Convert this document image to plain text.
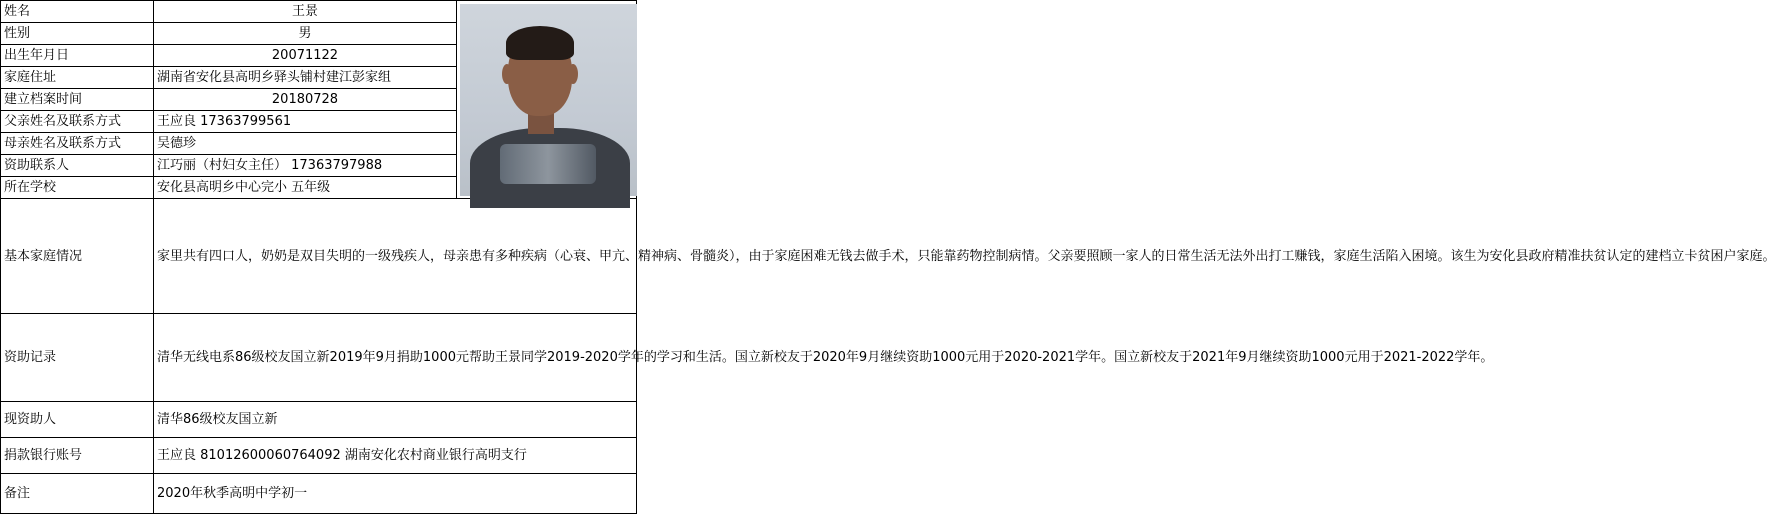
姓名	王景	

性别	男	
出生年月日	20071122	
家庭住址	湖南省安化县高明乡驿头铺村建江彭家组	
建立档案时间	20180728	
父亲姓名及联系方式	王应良 17363799561	
母亲姓名及联系方式	吴德珍	
资助联系人	江巧丽（村妇女主任） 17363797988	
所在学校	安化县高明乡中心完小 五年级	
基本家庭情况	家里共有四口人，奶奶是双目失明的一级残疾人，母亲患有多种疾病（心衰、甲亢、精神病、骨髓炎），由于家庭困难无钱去做手术，只能靠药物控制病情。父亲要照顾一家人的日常生活无法外出打工赚钱，家庭生活陷入困境。该生为安化县政府精准扶贫认定的建档立卡贫困户家庭。	
资助记录	清华无线电系86级校友国立新2019年9月捐助1000元帮助王景同学2019-2020学年的学习和生活。国立新校友于2020年9月继续资助1000元用于2020-2021学年。国立新校友于2021年9月继续资助1000元用于2021-2022学年。	
现资助人	清华86级校友国立新	
捐款银行账号	王应良 81012600060764092 湖南安化农村商业银行高明支行	
备注	2020年秋季高明中学初一	
